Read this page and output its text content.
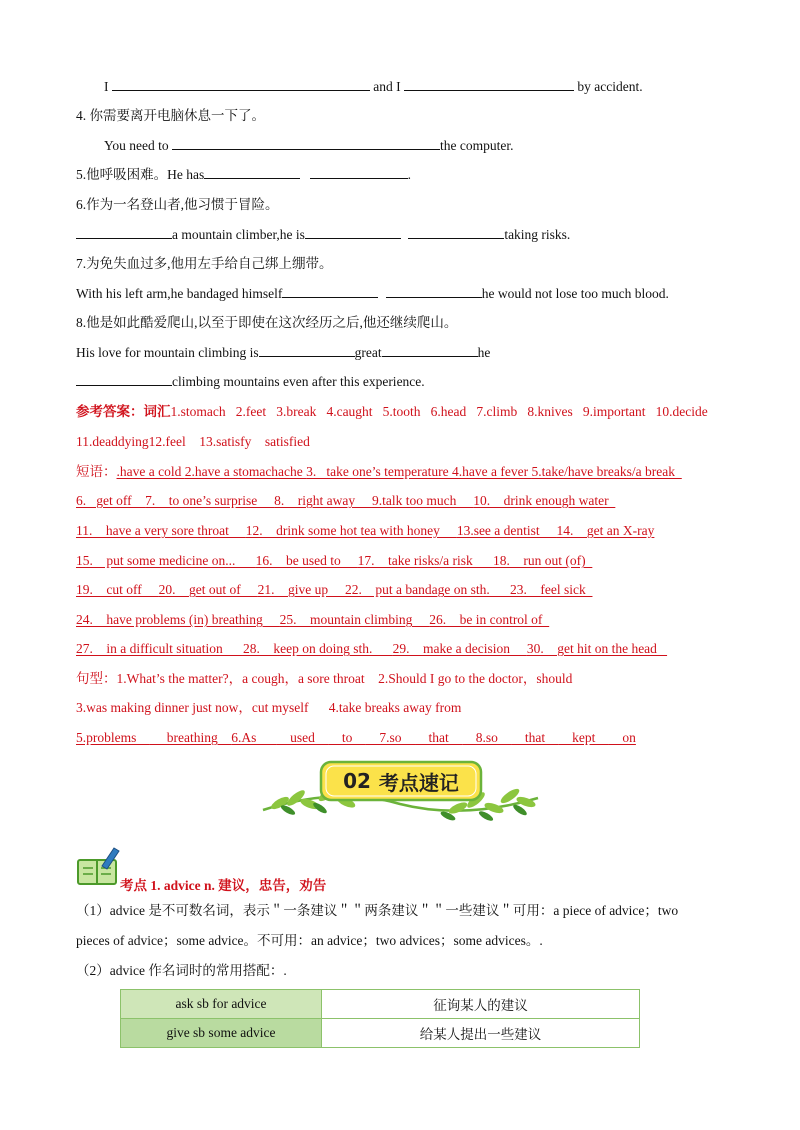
I	and I	by accident.
4. 你需要离开电脑休息一下了。
You need to	the computer.
5.他呼吸困难。He has	.
6.作为一名登山者,他习惯于冒险。
a mountain climber,he is	taking risks.
7.为免失血过多,他用左手给自己绑上绷带。
With his left arm,he bandaged himself	he would not lose too much blood.
8.他是如此酷爱爬山,以至于即使在这次经历之后,他还继续爬山。
His love for mountain climbing is	great	he
climbing mountains even after this experience.
参考答案：词汇1.stomach   2.feet   3.break   4.caught   5.tooth   6.head   7.climb   8.knives   9.important   10.decide
11.deaddying12.feel    13.satisfy    satisfied
短语：.have a cold 2.have a stomachache 3.   take one’s temperature 4.have a fever 5.take/have breaks/a break
6.   get off    7.    to one’s surprise     8.    right away     9.talk too much     10.    drink enough water
11.    have a very sore throat     12.    drink some hot tea with honey     13.see a dentist     14.    get an X-ray
15.    put some medicine on...      16.    be used to     17.    take risks/a risk      18.    run out (of)
19.    cut off     20.    get out of     21.    give up     22.    put a bandage on sth.      23.    feel sick
24.    have problems (in) breathing     25.    mountain climbing     26.    be in control of
27.    in a difficult situation      28.    keep on doing sth.      29.    make a decision     30.    get hit on the head
句型：1.What’s the matter?，a cough，a sore throat    2.Should I go to the doctor，should
3.was making dinner just now，cut myself      4.take breaks away from
5.problems         breathing    6.As          used        to        7.so        that        8.so        that        kept        on
02 考点速记
考点 1. advice n. 建议，忠告，劝告
（1）advice 是不可数名词，表示＂一条建议＂＂两条建议＂＂一些建议＂可用：a piece of advice；two
pieces of advice；some advice。不可用：an advice；two advices；some advices。.
（2）advice 作名词时的常用搭配：.
ask sb for advice	征询某人的建议
give sb some advice	给某人提出一些建议
